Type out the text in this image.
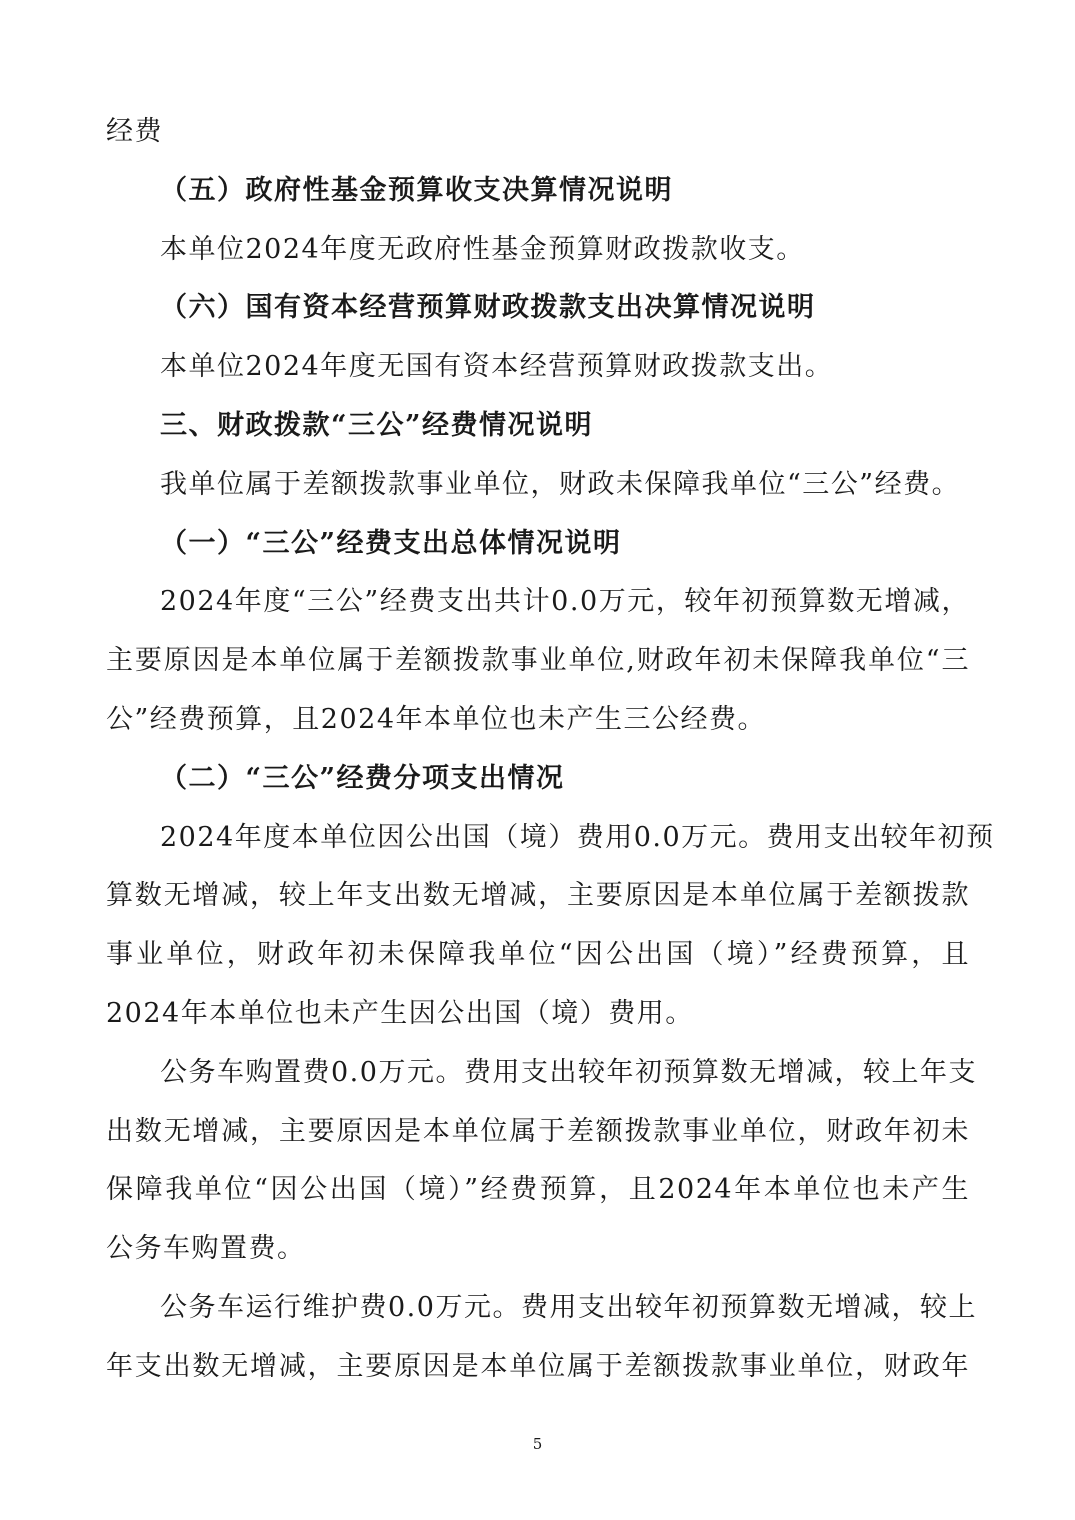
经费
（五）政府性基金预算收支决算情况说明
本单位2024年度无政府性基金预算财政拨款收支。
（六）国有资本经营预算财政拨款支出决算情况说明
本单位2024年度无国有资本经营预算财政拨款支出。
三、财政拨款“三公”经费情况说明
我单位属于差额拨款事业单位，财政未保障我单位“三公”经费。
（一）“三公”经费支出总体情况说明
2024年度“三公”经费支出共计0.0万元，较年初预算数无增减，
主要原因是本单位属于差额拨款事业单位,财政年初未保障我单位“三
公”经费预算，且2024年本单位也未产生三公经费。
（二）“三公”经费分项支出情况
2024年度本单位因公出国（境）费用0.0万元。费用支出较年初预
算数无增减，较上年支出数无增减，主要原因是本单位属于差额拨款
事业单位，财政年初未保障我单位“因公出国（境）”经费预算，且
2024年本单位也未产生因公出国（境）费用。
公务车购置费0.0万元。费用支出较年初预算数无增减，较上年支
出数无增减，主要原因是本单位属于差额拨款事业单位，财政年初未
保障我单位“因公出国（境）”经费预算，且2024年本单位也未产生
公务车购置费。
公务车运行维护费0.0万元。费用支出较年初预算数无增减，较上
年支出数无增减，主要原因是本单位属于差额拨款事业单位，财政年
5
